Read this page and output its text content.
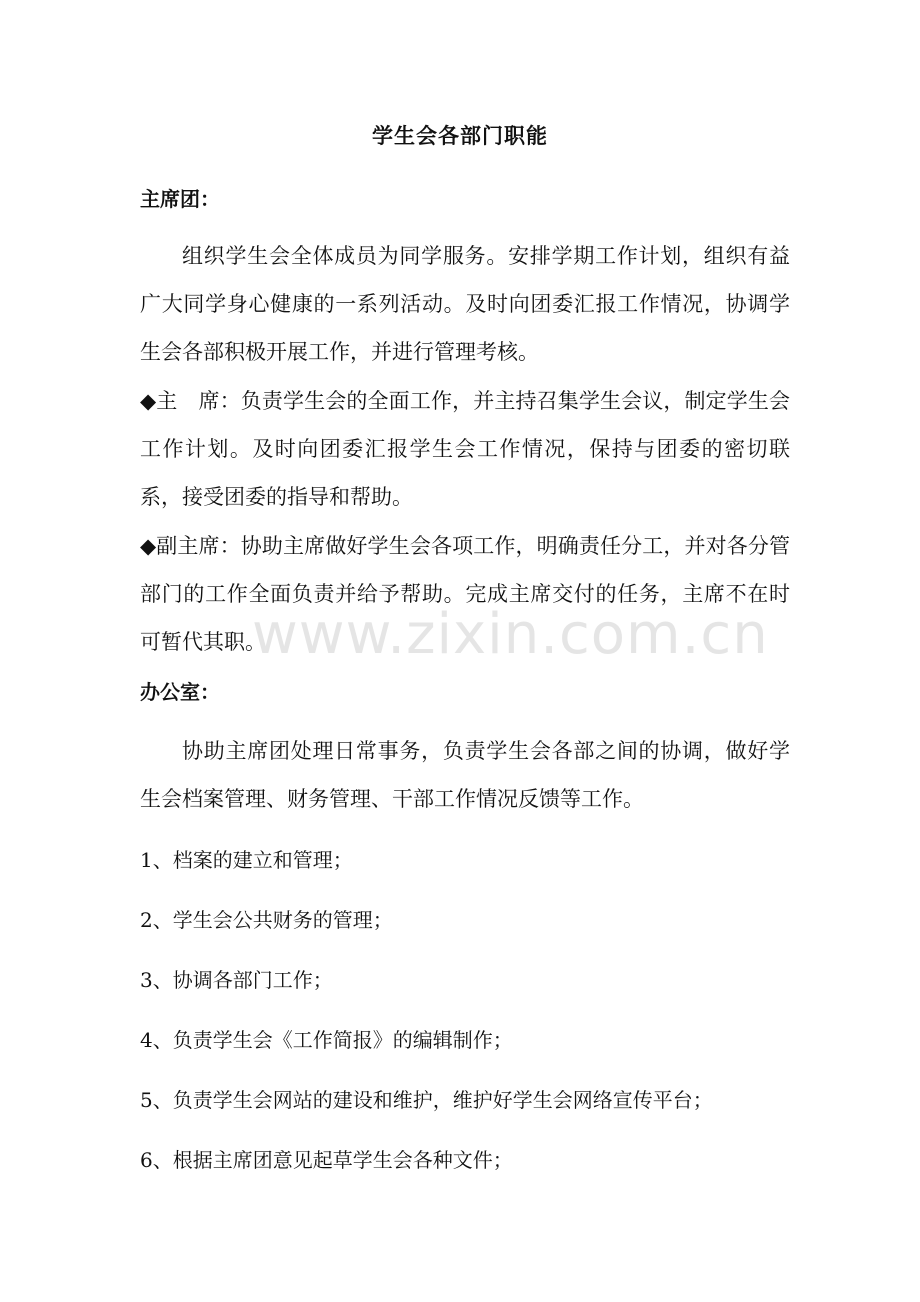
学生会各部门职能
主席团：

组织学生会全体成员为同学服务。安排学期工作计划，组织有益广大同学身心健康的一系列活动。及时向团委汇报工作情况，协调学生会各部积极开展工作，并进行管理考核。

◆主　席：负责学生会的全面工作，并主持召集学生会议，制定学生会工作计划。及时向团委汇报学生会工作情况，保持与团委的密切联系，接受团委的指导和帮助。

◆副主席：协助主席做好学生会各项工作，明确责任分工，并对各分管部门的工作全面负责并给予帮助。完成主席交付的任务，主席不在时可暂代其职。

办公室：

协助主席团处理日常事务，负责学生会各部之间的协调，做好学生会档案管理、财务管理、干部工作情况反馈等工作。

1、档案的建立和管理；
2、学生会公共财务的管理；
3、协调各部门工作；
4、负责学生会《工作简报》的编辑制作；
5、负责学生会网站的建设和维护，维护好学生会网络宣传平台；
6、根据主席团意见起草学生会各种文件；
www.zixin.com.cn
